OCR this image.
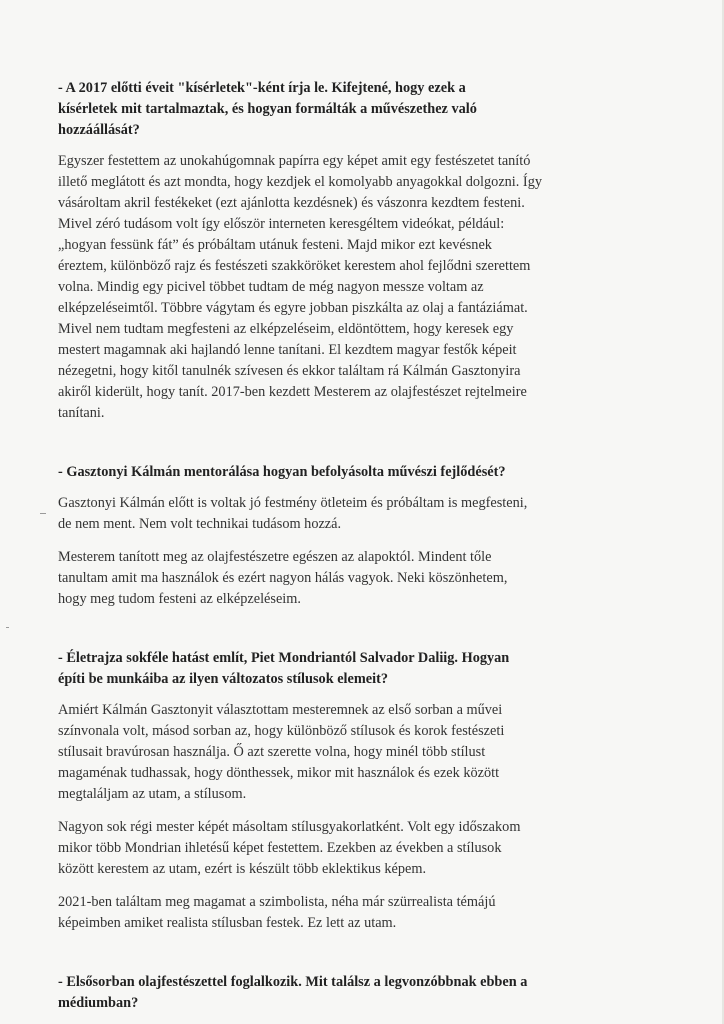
- A 2017 előtti éveit "kísérletek"-ként írja le. Kifejtené, hogy ezek a
kísérletek mit tartalmaztak, és hogyan formálták a művészethez való
hozzáállását?

Egyszer festettem az unokahúgomnak papírra egy képet amit egy festészetet tanító
illető meglátott és azt mondta, hogy kezdjek el komolyabb anyagokkal dolgozni. Így
vásároltam akril festékeket (ezt ajánlotta kezdésnek) és vászonra kezdtem festeni.
Mivel zéró tudásom volt így először interneten keresgéltem videókat, például:
„hogyan fessünk fát” és próbáltam utánuk festeni. Majd mikor ezt kevésnek
éreztem, különböző rajz és festészeti szakköröket kerestem ahol fejlődni szerettem
volna. Mindig egy picivel többet tudtam de még nagyon messze voltam az
elképzeléseimtől. Többre vágytam és egyre jobban piszkálta az olaj a fantáziámat.
Mivel nem tudtam megfesteni az elképzeléseim, eldöntöttem, hogy keresek egy
mestert magamnak aki hajlandó lenne tanítani. El kezdtem magyar festők képeit
nézegetni, hogy kitől tanulnék szívesen és ekkor találtam rá Kálmán Gasztonyira
akiről kiderült, hogy tanít. 2017-ben kezdett Mesterem az olajfestészet rejtelmeire
tanítani.

- Gasztonyi Kálmán mentorálása hogyan befolyásolta művészi fejlődését?

Gasztonyi Kálmán előtt is voltak jó festmény ötleteim és próbáltam is megfesteni,
de nem ment. Nem volt technikai tudásom hozzá.

Mesterem tanított meg az olajfestészetre egészen az alapoktól. Mindent tőle
tanultam amit ma használok és ezért nagyon hálás vagyok. Neki köszönhetem,
hogy meg tudom festeni az elképzeléseim.

- Életrajza sokféle hatást említ, Piet Mondriantól Salvador Daliig. Hogyan
építi be munkáiba az ilyen változatos stílusok elemeit?

Amiért Kálmán Gasztonyit választottam mesteremnek az első sorban a művei
színvonala volt, másod sorban az, hogy különböző stílusok és korok festészeti
stílusait bravúrosan használja. Ő azt szerette volna, hogy minél több stílust
magaménak tudhassak, hogy dönthessek, mikor mit használok és ezek között
megtaláljam az utam, a stílusom.

Nagyon sok régi mester képét másoltam stílusgyakorlatként. Volt egy időszakom
mikor több Mondrian ihletésű képet festettem. Ezekben az években a stílusok
között kerestem az utam, ezért is készült több eklektikus képem.

2021-ben találtam meg magamat a szimbolista, néha már szürrealista témájú
képeimben amiket realista stílusban festek. Ez lett az utam.

- Elsősorban olajfestészettel foglalkozik. Mit találsz a legvonzóbbnak ebben a
médiumban?
